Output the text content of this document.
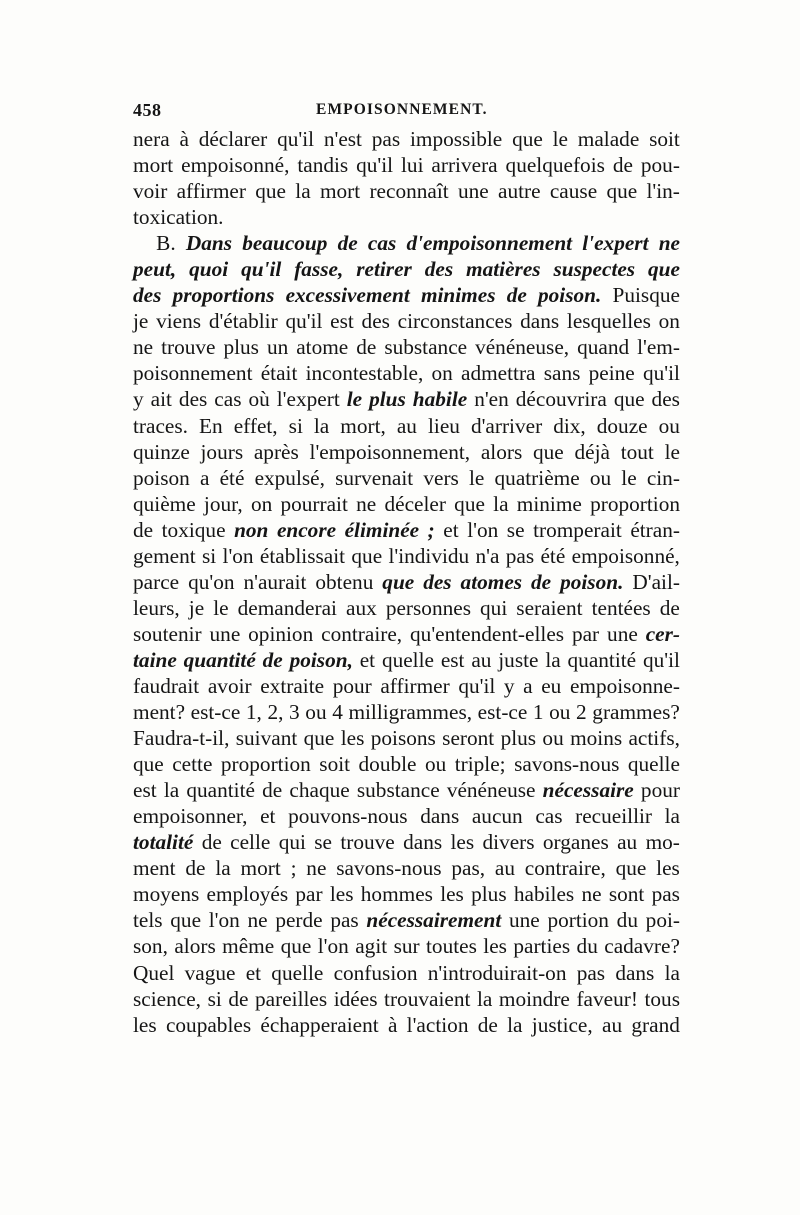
458	EMPOISONNEMENT.
nera à déclarer qu'il n'est pas impossible que le malade soit
mort empoisonné, tandis qu'il lui arrivera quelquefois de pou-
voir affirmer que la mort reconnaît une autre cause que l'in-
toxication.
B. Dans beaucoup de cas d'empoisonnement l'expert ne
peut, quoi qu'il fasse, retirer des matières suspectes que
des proportions excessivement minimes de poison. Puisque
je viens d'établir qu'il est des circonstances dans lesquelles on
ne trouve plus un atome de substance vénéneuse, quand l'em-
poisonnement était incontestable, on admettra sans peine qu'il
y ait des cas où l'expert le plus habile n'en découvrira que des
traces. En effet, si la mort, au lieu d'arriver dix, douze ou
quinze jours après l'empoisonnement, alors que déjà tout le
poison a été expulsé, survenait vers le quatrième ou le cin-
quième jour, on pourrait ne déceler que la minime proportion
de toxique non encore éliminée ; et l'on se tromperait étran-
gement si l'on établissait que l'individu n'a pas été empoisonné,
parce qu'on n'aurait obtenu que des atomes de poison. D'ail-
leurs, je le demanderai aux personnes qui seraient tentées de
soutenir une opinion contraire, qu'entendent-elles par une cer-
taine quantité de poison, et quelle est au juste la quantité qu'il
faudrait avoir extraite pour affirmer qu'il y a eu empoisonne-
ment? est-ce 1, 2, 3 ou 4 milligrammes, est-ce 1 ou 2 grammes?
Faudra-t-il, suivant que les poisons seront plus ou moins actifs,
que cette proportion soit double ou triple; savons-nous quelle
est la quantité de chaque substance vénéneuse nécessaire pour
empoisonner, et pouvons-nous dans aucun cas recueillir la
totalité de celle qui se trouve dans les divers organes au mo-
ment de la mort ; ne savons-nous pas, au contraire, que les
moyens employés par les hommes les plus habiles ne sont pas
tels que l'on ne perde pas nécessairement une portion du poi-
son, alors même que l'on agit sur toutes les parties du cadavre?
Quel vague et quelle confusion n'introduirait-on pas dans la
science, si de pareilles idées trouvaient la moindre faveur! tous
les coupables échapperaient à l'action de la justice, au grand
